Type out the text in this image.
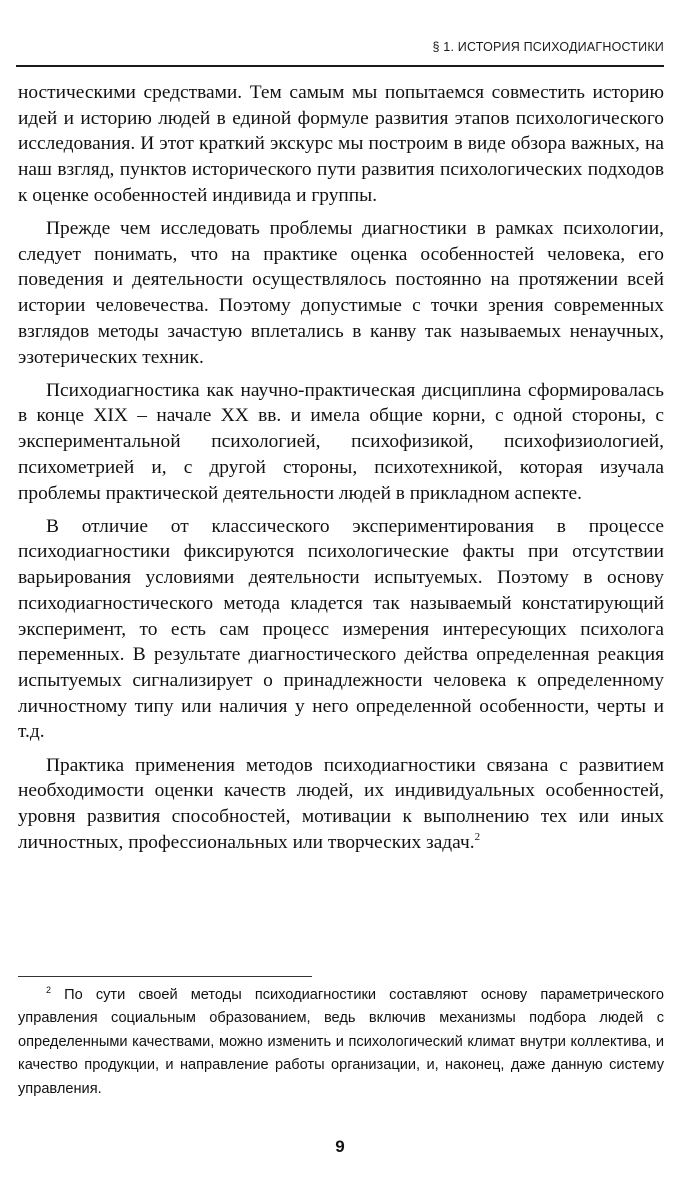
§ 1. ИСТОРИЯ ПСИХОДИАГНОСТИКИ

ностическими средствами. Тем самым мы попытаемся совместить историю идей и историю людей в единой формуле развития этапов психологического исследования. И этот краткий экскурс мы построим в виде обзора важных, на наш взгляд, пунктов исторического пути развития психологических подходов к оценке особенностей индивида и группы.

Прежде чем исследовать проблемы диагностики в рамках психологии, следует понимать, что на практике оценка особенностей человека, его поведения и деятельности осуществлялось постоянно на протяжении всей истории человечества. Поэтому допустимые с точки зрения современных взглядов методы зачастую вплетались в канву так называемых ненаучных, эзотерических техник.

Психодиагностика как научно-практическая дисциплина сформировалась в конце XIX – начале XX вв. и имела общие корни, с одной стороны, с экспериментальной психологией, психофизикой, психофизиологией, психометрией и, с другой стороны, психотехникой, которая изучала проблемы практической деятельности людей в прикладном аспекте.

В отличие от классического экспериментирования в процессе психодиагностики фиксируются психологические факты при отсутствии варьирования условиями деятельности испытуемых. Поэтому в основу психодиагностического метода кладется так называемый констатирующий эксперимент, то есть сам процесс измерения интересующих психолога переменных. В результате диагностического действа определенная реакция испытуемых сигнализирует о принадлежности человека к определенному личностному типу или наличия у него определенной особенности, черты и т.д.

Практика применения методов психодиагностики связана с развитием необходимости оценки качеств людей, их индивидуальных особенностей, уровня развития способностей, мотивации к выполнению тех или иных личностных, профессиональных или творческих задач.$^2$

$^2$ По сути своей методы психодиагностики составляют основу параметрического управления социальным образованием, ведь включив механизмы подбора людей с определенными качествами, можно изменить и психологический климат внутри коллектива, и качество продукции, и направление работы организации, и, наконец, даже данную систему управления.

9
